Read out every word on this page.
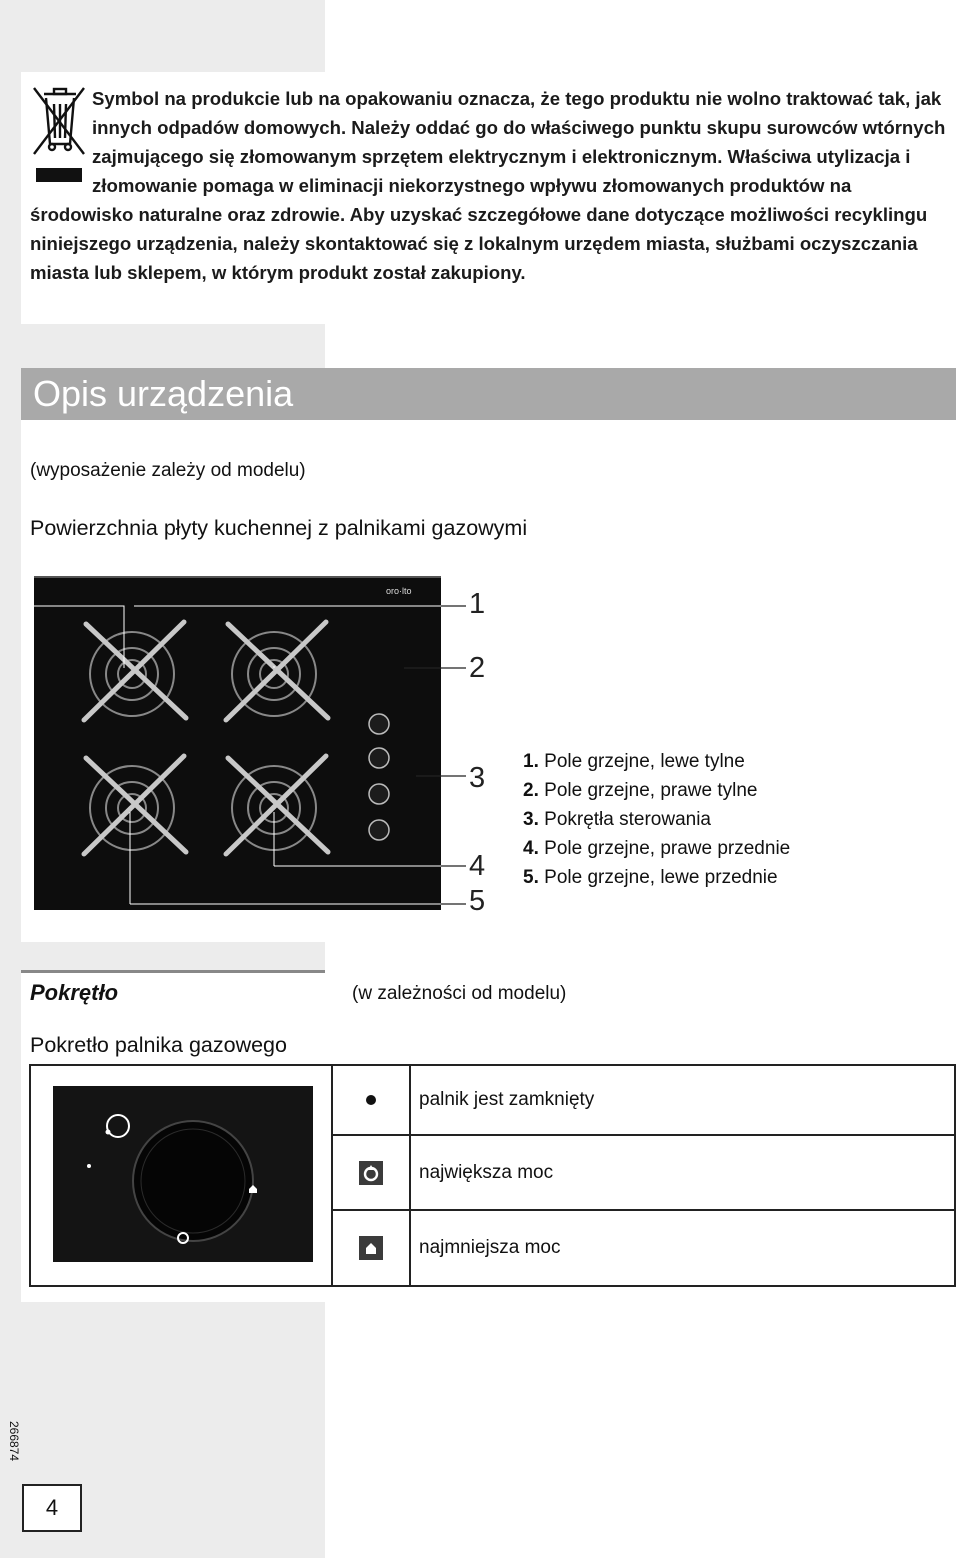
Symbol na produkcie lub na opakowaniu oznacza, że tego produktu nie wolno traktować tak, jak innych odpadów domowych. Należy oddać go do właściwego punktu skupu surowców wtórnych zajmującego się złomowanym sprzętem elektrycznym i elektronicznym. Właściwa utylizacja i złomowanie pomaga w eliminacji niekorzystnego wpływu złomowanych produktów na środowisko naturalne oraz zdrowie. Aby uzyskać szczegółowe dane dotyczące możliwości recyklingu niniejszego urządzenia, należy skontaktować się z lokalnym urzędem miasta, służbami oczyszczania miasta lub sklepem, w którym produkt został zakupiony.

Opis urządzenia
(wyposażenie zależy od modelu)
Powierzchnia płyty kuchennej z palnikami gazowymi
oro·lto 1
2
3
4
5
1. Pole grzejne, lewe tylne
2. Pole grzejne, prawe tylne
3. Pokrętła sterowania
4. Pole grzejne, prawe przednie
5. Pole grzejne, lewe przednie
Pokrętło	(w zależności od modelu)
Pokretło palnika gazowego
		palnik jest zamknięty
	największa moc
	najmniejsza moc
266874
4
